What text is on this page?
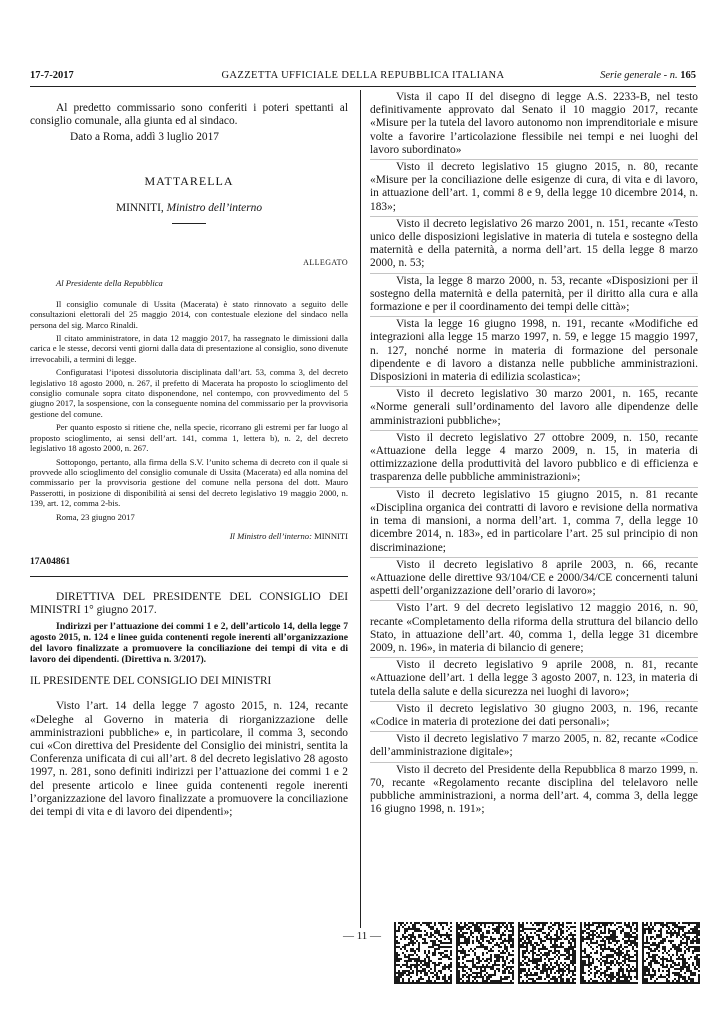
17-7-2017	GAZZETTA UFFICIALE DELLA REPUBBLICA ITALIANA	Serie generale - n. 165

Al predetto commissario sono conferiti i poteri spettanti al consiglio comunale, alla giunta ed al sindaco.

Dato a Roma, addì 3 luglio 2017

MATTARELLA

MINNITI, Ministro dell’interno

ALLEGATO

Al Presidente della Repubblica

Il consiglio comunale di Ussita (Macerata) è stato rinnovato a seguito delle consultazioni elettorali del 25 maggio 2014, con contestuale elezione del sindaco nella persona del sig. Marco Rinaldi.

Il citato amministratore, in data 12 maggio 2017, ha rassegnato le dimissioni dalla carica e le stesse, decorsi venti giorni dalla data di presentazione al consiglio, sono divenute irrevocabili, a termini di legge.

Configuratasi l’ipotesi dissolutoria disciplinata dall’art. 53, comma 3, del decreto legislativo 18 agosto 2000, n. 267, il prefetto di Macerata ha proposto lo scioglimento del consiglio comunale sopra citato disponendone, nel contempo, con provvedimento del 5 giugno 2017, la sospensione, con la conseguente nomina del commissario per la provvisoria gestione del comune.

Per quanto esposto si ritiene che, nella specie, ricorrano gli estremi per far luogo al proposto scioglimento, ai sensi dell’art. 141, comma 1, lettera b), n. 2, del decreto legislativo 18 agosto 2000, n. 267.

Sottopongo, pertanto, alla firma della S.V. l’unito schema di decreto con il quale si provvede allo scioglimento del consiglio comunale di Ussita (Macerata) ed alla nomina del commissario per la provvisoria gestione del comune nella persona del dott. Mauro Passerotti, in posizione di disponibilità ai sensi del decreto legislativo 19 maggio 2000, n. 139, art. 12, comma 2-bis.

Roma, 23 giugno 2017

Il Ministro dell’interno: MINNITI

17A04861

DIRETTIVA DEL PRESIDENTE DEL CONSIGLIO DEI MINISTRI 1° giugno 2017.

Indirizzi per l’attuazione dei commi 1 e 2, dell’articolo 14, della legge 7 agosto 2015, n. 124 e linee guida contenenti regole inerenti all’organizzazione del lavoro finalizzate a promuovere la conciliazione dei tempi di vita e di lavoro dei dipendenti. (Direttiva n. 3/2017).

IL PRESIDENTE DEL CONSIGLIO DEI MINISTRI

Visto l’art. 14 della legge 7 agosto 2015, n. 124, recante «Deleghe al Governo in materia di riorganizzazione delle amministrazioni pubbliche» e, in particolare, il comma 3, secondo cui «Con direttiva del Presidente del Consiglio dei ministri, sentita la Conferenza unificata di cui all’art. 8 del decreto legislativo 28 agosto 1997, n. 281, sono definiti indirizzi per l’attuazione dei commi 1 e 2 del presente articolo e linee guida contenenti regole inerenti l’organizzazione del lavoro finalizzate a promuovere la conciliazione dei tempi di vita e di lavoro dei dipendenti»;

Vista il capo II del disegno di legge A.S. 2233-B, nel testo definitivamente approvato dal Senato il 10 maggio 2017, recante «Misure per la tutela del lavoro autonomo non imprenditoriale e misure volte a favorire l’articolazione flessibile nei tempi e nei luoghi del lavoro subordinato»

Visto il decreto legislativo 15 giugno 2015, n. 80, recante «Misure per la conciliazione delle esigenze di cura, di vita e di lavoro, in attuazione dell’art. 1, commi 8 e 9, della legge 10 dicembre 2014, n. 183»;

Visto il decreto legislativo 26 marzo 2001, n. 151, recante «Testo unico delle disposizioni legislative in materia di tutela e sostegno della maternità e della paternità, a norma dell’art. 15 della legge 8 marzo 2000, n. 53;

Vista, la legge 8 marzo 2000, n. 53, recante «Disposizioni per il sostegno della maternità e della paternità, per il diritto alla cura e alla formazione e per il coordinamento dei tempi delle città»;

Vista la legge 16 giugno 1998, n. 191, recante «Modifiche ed integrazioni alla legge 15 marzo 1997, n. 59, e legge 15 maggio 1997, n. 127, nonché norme in materia di formazione del personale dipendente e di lavoro a distanza nelle pubbliche amministrazioni. Disposizioni in materia di edilizia scolastica»;

Visto il decreto legislativo 30 marzo 2001, n. 165, recante «Norme generali sull’ordinamento del lavoro alle dipendenze delle amministrazioni pubbliche»;

Visto il decreto legislativo 27 ottobre 2009, n. 150, recante «Attuazione della legge 4 marzo 2009, n. 15, in materia di ottimizzazione della produttività del lavoro pubblico e di efficienza e trasparenza delle pubbliche amministrazioni»;

Visto il decreto legislativo 15 giugno 2015, n. 81 recante «Disciplina organica dei contratti di lavoro e revisione della normativa in tema di mansioni, a norma dell’art. 1, comma 7, della legge 10 dicembre 2014, n. 183», ed in particolare l’art. 25 sul principio di non discriminazione;

Visto il decreto legislativo 8 aprile 2003, n. 66, recante «Attuazione delle direttive 93/104/CE e 2000/34/CE concernenti taluni aspetti dell’organizzazione dell’orario di lavoro»;

Visto l’art. 9 del decreto legislativo 12 maggio 2016, n. 90, recante «Completamento della riforma della struttura del bilancio dello Stato, in attuazione dell’art. 40, comma 1, della legge 31 dicembre 2009, n. 196», in materia di bilancio di genere;

Visto il decreto legislativo 9 aprile 2008, n. 81, recante «Attuazione dell’art. 1 della legge 3 agosto 2007, n. 123, in materia di tutela della salute e della sicurezza nei luoghi di lavoro»;

Visto il decreto legislativo 30 giugno 2003, n. 196, recante «Codice in materia di protezione dei dati personali»;

Visto il decreto legislativo 7 marzo 2005, n. 82, recante «Codice dell’amministrazione digitale»;

Visto il decreto del Presidente della Repubblica 8 marzo 1999, n. 70, recante «Regolamento recante disciplina del telelavoro nelle pubbliche amministrazioni, a norma dell’art. 4, comma 3, della legge 16 giugno 1998, n. 191»;

— 11 —
